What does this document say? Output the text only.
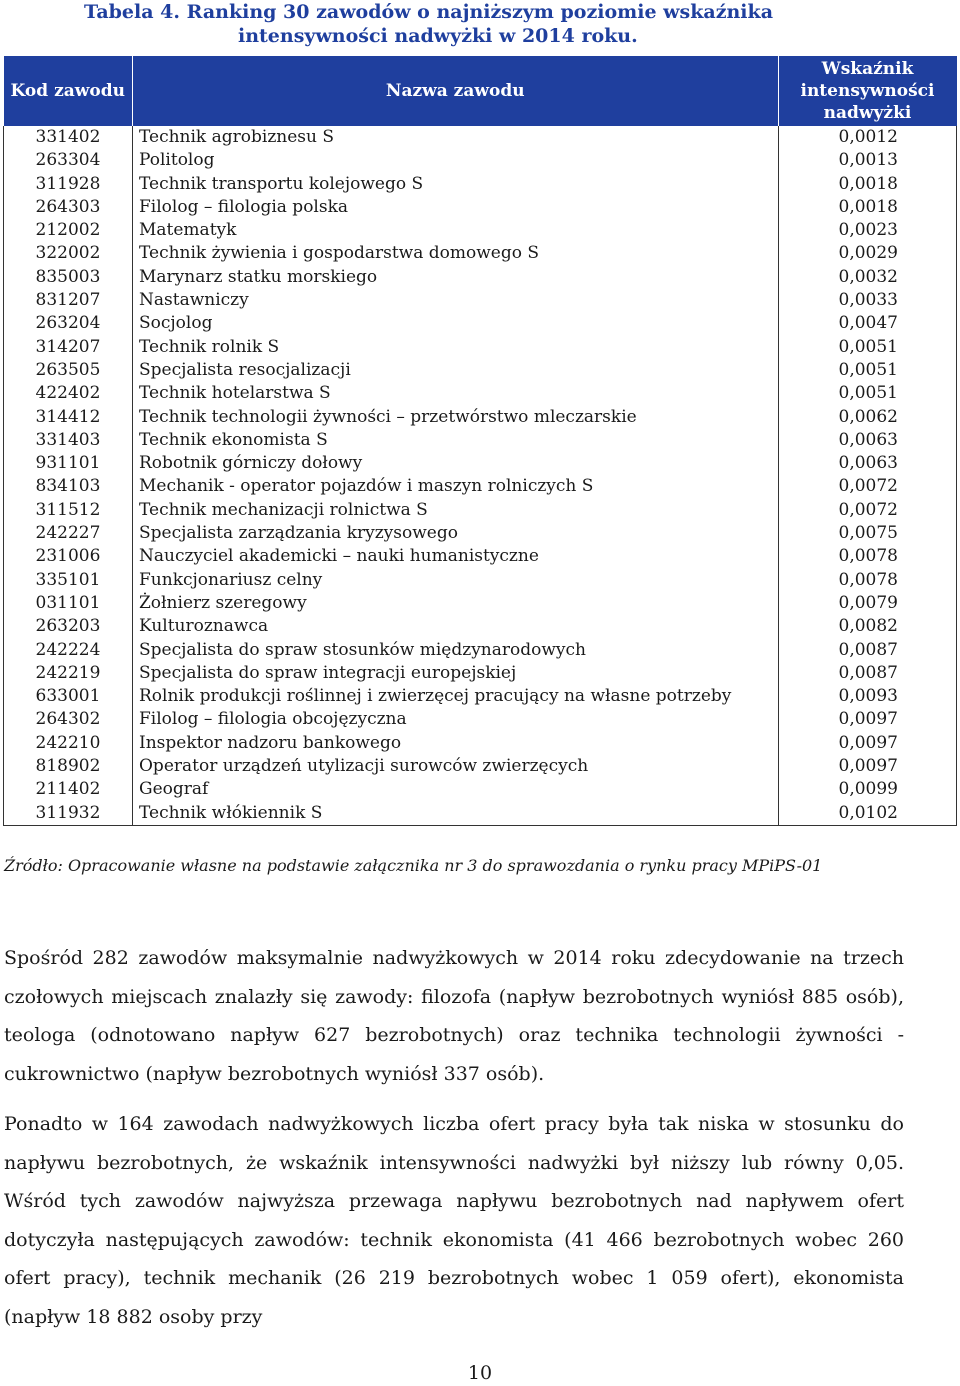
Tabela 4. Ranking 30 zawodów o najniższym poziomie wskaźnika
intensywności nadwyżki w 2014 roku.
Kod zawodu	Nazwa zawodu	Wskaźnik intensywności nadwyżki
331402	Technik agrobiznesu S	0,0012
263304	Politolog	0,0013
311928	Technik transportu kolejowego S	0,0018
264303	Filolog – filologia polska	0,0018
212002	Matematyk	0,0023
322002	Technik żywienia i gospodarstwa domowego S	0,0029
835003	Marynarz statku morskiego	0,0032
831207	Nastawniczy	0,0033
263204	Socjolog	0,0047
314207	Technik rolnik S	0,0051
263505	Specjalista resocjalizacji	0,0051
422402	Technik hotelarstwa S	0,0051
314412	Technik technologii żywności – przetwórstwo mleczarskie	0,0062
331403	Technik ekonomista S	0,0063
931101	Robotnik górniczy dołowy	0,0063
834103	Mechanik - operator pojazdów i maszyn rolniczych S	0,0072
311512	Technik mechanizacji rolnictwa S	0,0072
242227	Specjalista zarządzania kryzysowego	0,0075
231006	Nauczyciel akademicki – nauki humanistyczne	0,0078
335101	Funkcjonariusz celny	0,0078
031101	Żołnierz szeregowy	0,0079
263203	Kulturoznawca	0,0082
242224	Specjalista do spraw stosunków międzynarodowych	0,0087
242219	Specjalista do spraw integracji europejskiej	0,0087
633001	Rolnik produkcji roślinnej i zwierzęcej pracujący na własne potrzeby	0,0093
264302	Filolog – filologia obcojęzyczna	0,0097
242210	Inspektor nadzoru bankowego	0,0097
818902	Operator urządzeń utylizacji surowców zwierzęcych	0,0097
211402	Geograf	0,0099
311932	Technik włókiennik S	0,0102
Źródło: Opracowanie własne na podstawie załącznika nr 3 do sprawozdania o rynku pracy MPiPS-01

Spośród 282 zawodów maksymalnie nadwyżkowych w 2014 roku zdecydowanie na trzech czołowych miejscach znalazły się zawody: filozofa (napływ bezrobotnych wyniósł 885 osób), teologa (odnotowano napływ 627 bezrobotnych) oraz technika technologii żywności - cukrownictwo (napływ bezrobotnych wyniósł 337 osób).

Ponadto w 164 zawodach nadwyżkowych liczba ofert pracy była tak niska w stosunku do napływu bezrobotnych, że wskaźnik intensywności nadwyżki był niższy lub równy 0,05. Wśród tych zawodów najwyższa przewaga napływu bezrobotnych nad napływem ofert dotyczyła następujących zawodów: technik ekonomista (41 466 bezrobotnych wobec 260 ofert pracy), technik mechanik (26 219 bezrobotnych wobec 1 059 ofert), ekonomista (napływ 18 882 osoby przy

10
